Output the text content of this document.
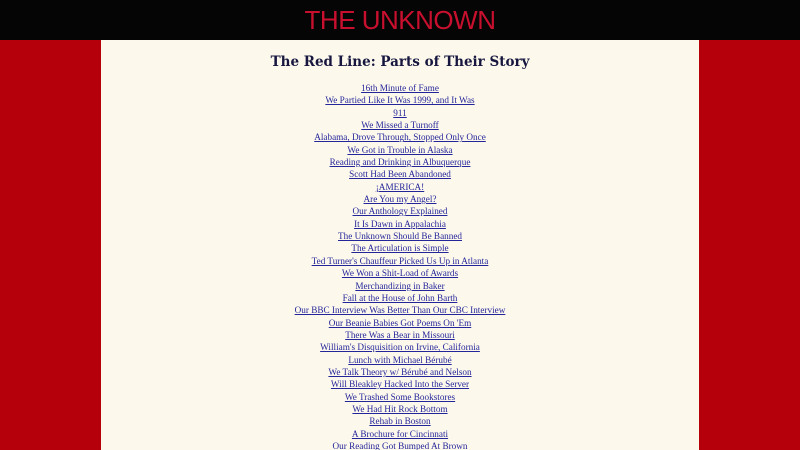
THE UNKNOWN
The Red Line: Parts of Their Story
16th Minute of Fame
We Partied Like It Was 1999, and It Was
911
We Missed a Turnoff
Alabama, Drove Through, Stopped Only Once
We Got in Trouble in Alaska
Reading and Drinking in Albuquerque
Scott Had Been Abandoned
¡AMERICA!
Are You my Angel?
Our Anthology Explained
It Is Dawn in Appalachia
The Unknown Should Be Banned
The Articulation is Simple
Ted Turner's Chauffeur Picked Us Up in Atlanta
We Won a Shit-Load of Awards
Merchandizing in Baker
Fall at the House of John Barth
Our BBC Interview Was Better Than Our CBC Interview
Our Beanie Babies Got Poems On 'Em
There Was a Bear in Missouri
William's Disquisition on Irvine, California
Lunch with Michael Bérubé
We Talk Theory w/ Bérubé and Nelson
Will Bleakley Hacked Into the Server
We Trashed Some Bookstores
We Had Hit Rock Bottom
Rehab in Boston
A Brochure for Cincinnati
Our Reading Got Bumped At Brown
